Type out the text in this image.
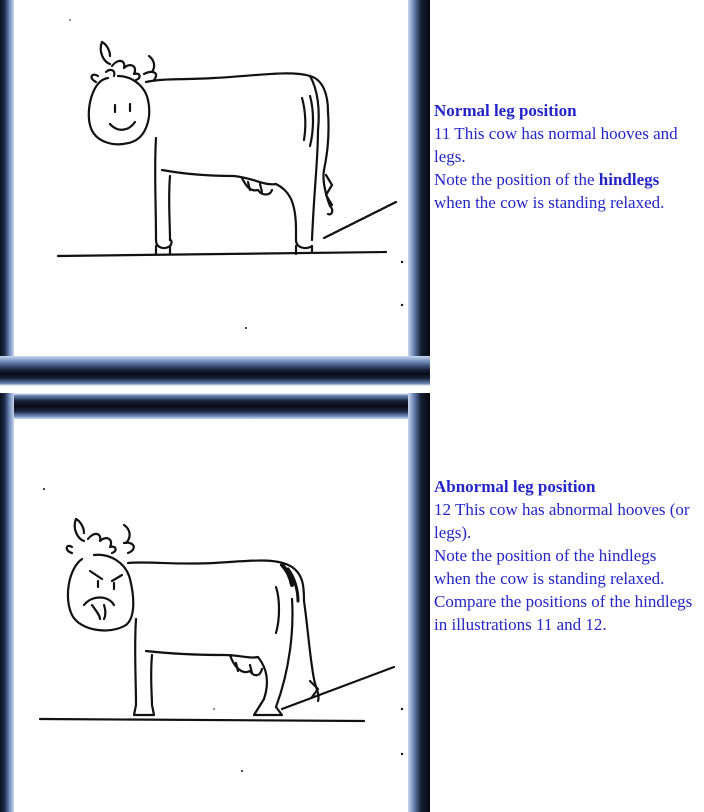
Normal leg position
11 This cow has normal hooves and legs.
Note the position of the hindlegs when the cow is standing relaxed.
Abnormal leg position
12 This cow has abnormal hooves (or legs).
Note the position of the hindlegs when the cow is standing relaxed.
Compare the positions of the hindlegs in illustrations 11 and 12.
